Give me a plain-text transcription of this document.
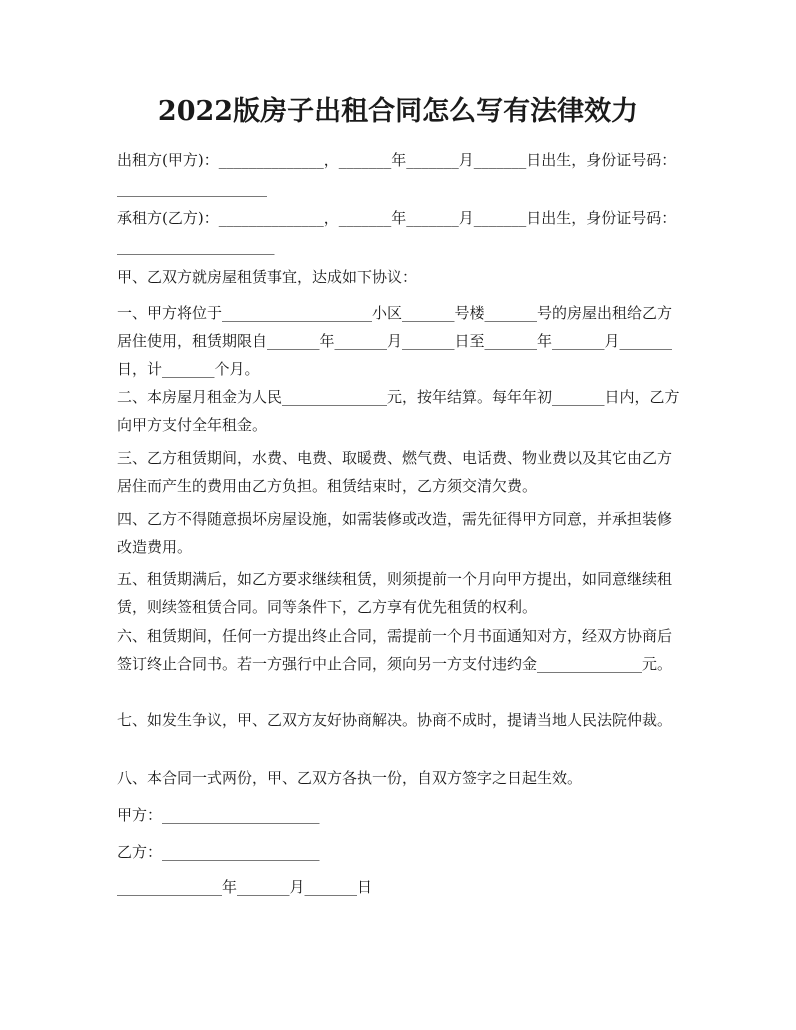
2022版房子出租合同怎么写有法律效力

出租方(甲方)：______________，_______年_______月_______日出生，身份证号码：____________________

承租方(乙方)：______________，_______年_______月_______日出生，身份证号码：_____________________

甲、乙双方就房屋租赁事宜，达成如下协议：

一、甲方将位于____________________小区_______号楼_______号的房屋出租给乙方居住使用，租赁期限自_______年_______月_______日至_______年_______月_______日，计_______个月。

二、本房屋月租金为人民______________元，按年结算。每年年初_______日内，乙方向甲方支付全年租金。

三、乙方租赁期间，水费、电费、取暖费、燃气费、电话费、物业费以及其它由乙方居住而产生的费用由乙方负担。租赁结束时，乙方须交清欠费。

四、乙方不得随意损坏房屋设施，如需装修或改造，需先征得甲方同意，并承担装修改造费用。

五、租赁期满后，如乙方要求继续租赁，则须提前一个月向甲方提出，如同意继续租赁，则续签租赁合同。同等条件下，乙方享有优先租赁的权利。

六、租赁期间，任何一方提出终止合同，需提前一个月书面通知对方，经双方协商后签订终止合同书。若一方强行中止合同，须向另一方支付违约金______________元。

七、如发生争议，甲、乙双方友好协商解决。协商不成时，提请当地人民法院仲裁。

八、本合同一式两份，甲、乙双方各执一份，自双方签字之日起生效。

甲方：_____________________

乙方：_____________________

______________年_______月_______日
